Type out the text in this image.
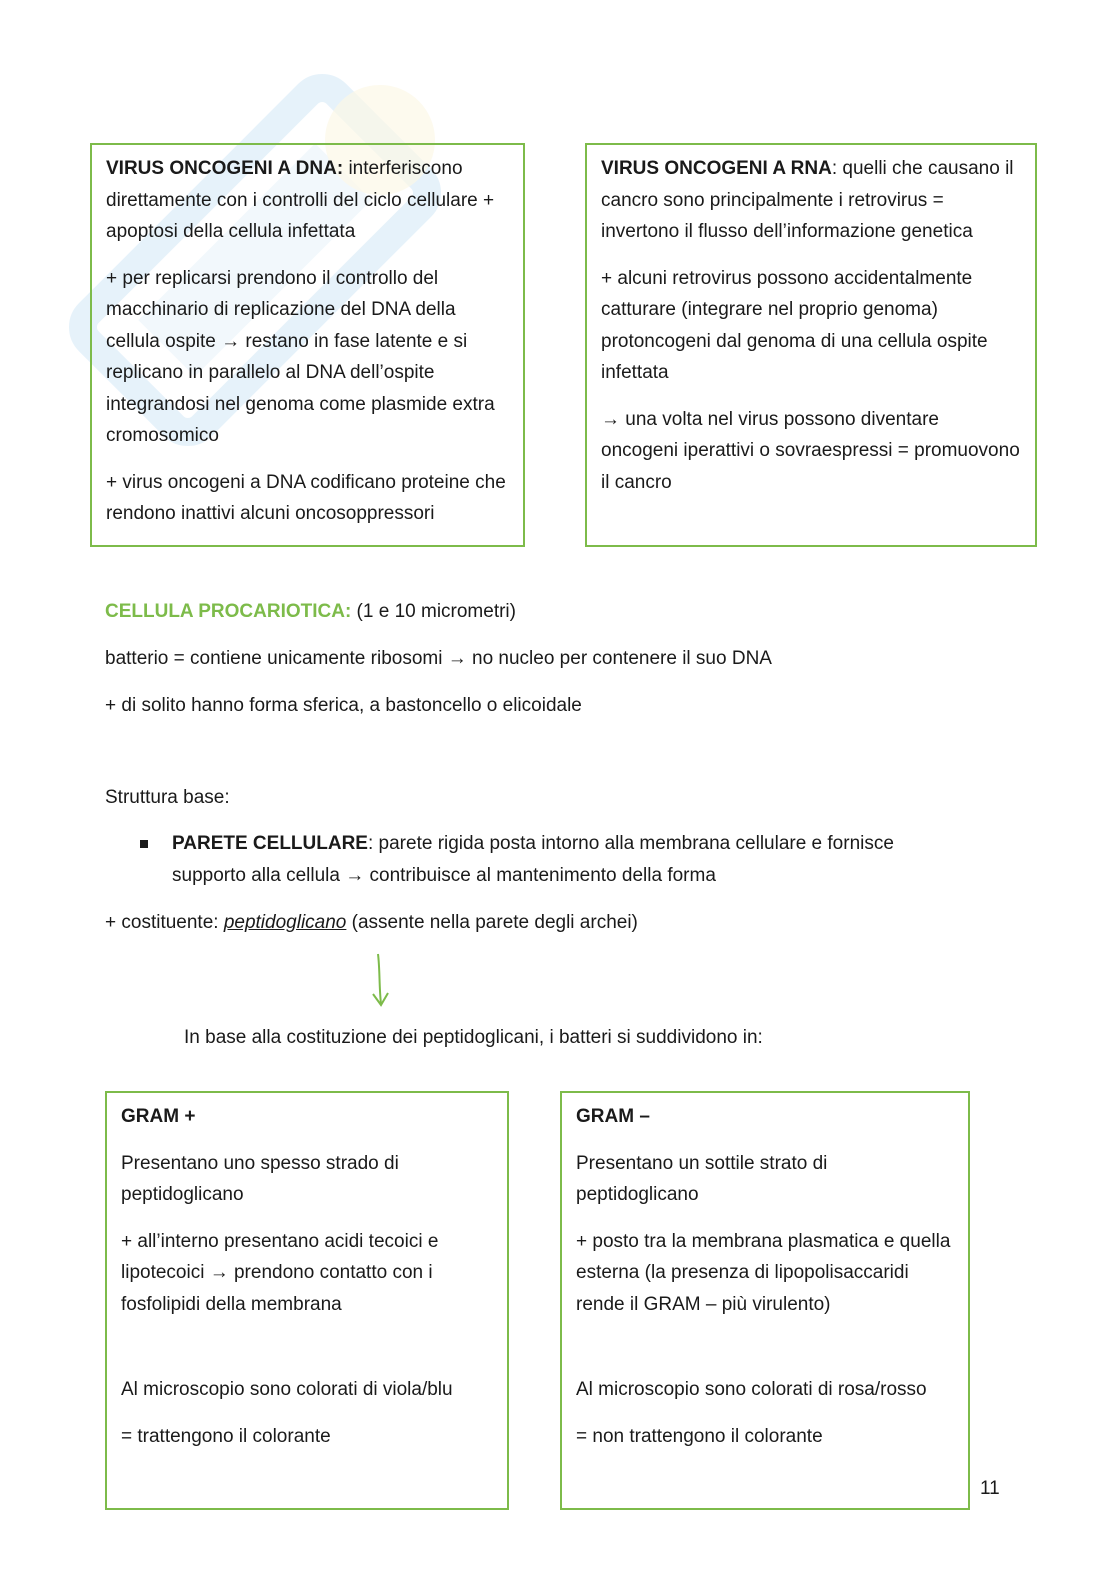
VIRUS ONCOGENI A DNA: interferiscono direttamente con i controlli del ciclo cellulare + apoptosi della cellula infettata

+ per replicarsi prendono il controllo del macchinario di replicazione del DNA della cellula ospite → restano in fase latente e si replicano in parallelo al DNA dell’ospite integrandosi nel genoma come plasmide extra cromosomico

+ virus oncogeni a DNA codificano proteine che rendono inattivi alcuni oncosoppressori

VIRUS ONCOGENI A RNA: quelli che causano il cancro sono principalmente i retrovirus = invertono il flusso dell’informazione genetica

+ alcuni retrovirus possono accidentalmente catturare (integrare nel proprio genoma) protoncogeni dal genoma di una cellula ospite infettata

→ una volta nel virus possono diventare oncogeni iperattivi o sovraespressi = promuovono il cancro

CELLULA PROCARIOTICA: (1 e 10 micrometri)

batterio = contiene unicamente ribosomi → no nucleo per contenere il suo DNA

+ di solito hanno forma sferica, a bastoncello o elicoidale

Struttura base:

PARETE CELLULARE: parete rigida posta intorno alla membrana cellulare e fornisce supporto alla cellula → contribuisce al mantenimento della forma

+ costituente: peptidoglicano (assente nella parete degli archei)

In base alla costituzione dei peptidoglicani, i batteri si suddividono in:

GRAM +

Presentano uno spesso strado di peptidoglicano

+ all’interno presentano acidi tecoici e lipotecoici → prendono contatto con i fosfolipidi della membrana

Al microscopio sono colorati di viola/blu

= trattengono il colorante

GRAM –

Presentano un sottile strato di peptidoglicano

+ posto tra la membrana plasmatica e quella esterna (la presenza di lipopolisaccaridi rende il GRAM – più virulento)

Al microscopio sono colorati di rosa/rosso

= non trattengono il colorante

11
